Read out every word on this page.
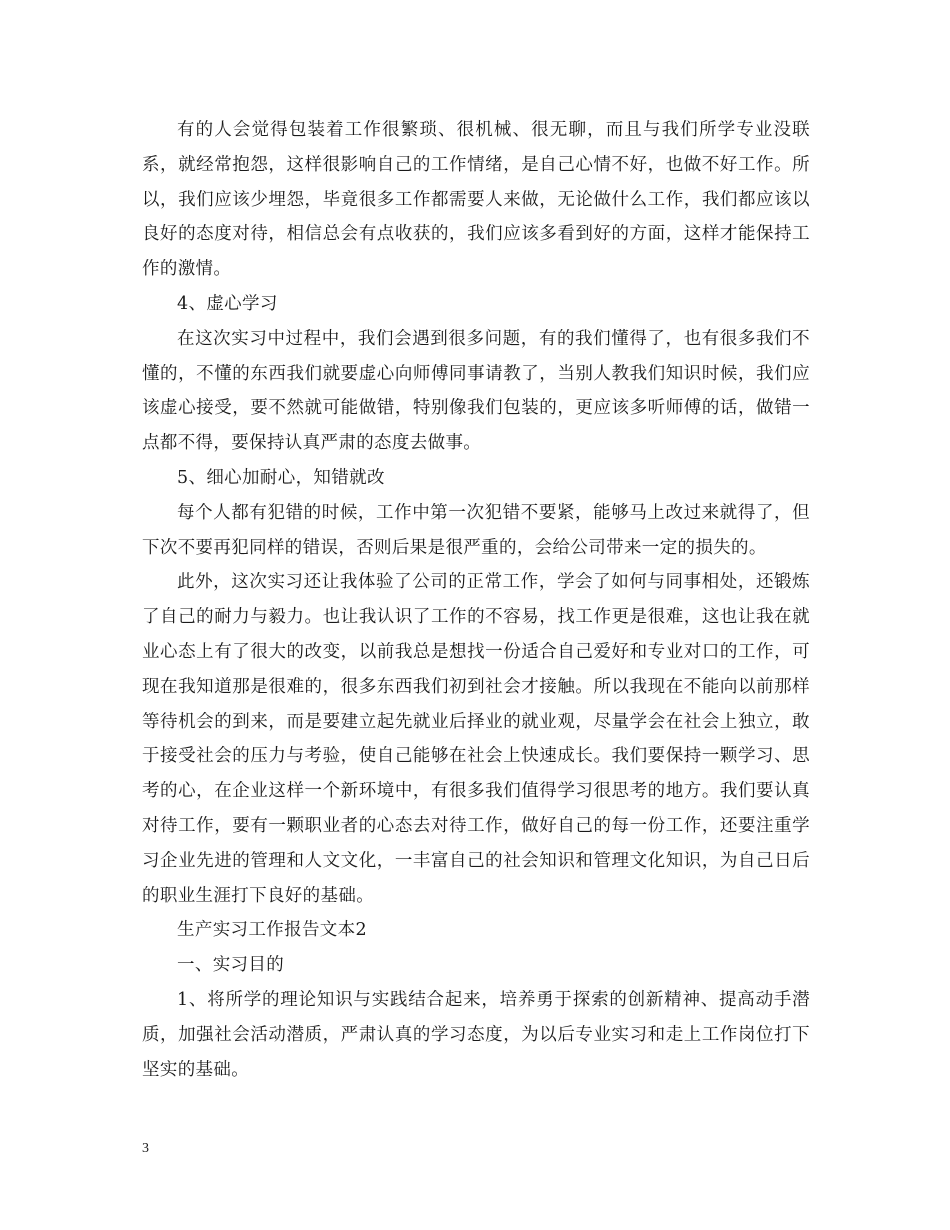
有的人会觉得包装着工作很繁琐、很机械、很无聊，而且与我们所学专业没联系，就经常抱怨，这样很影响自己的工作情绪，是自己心情不好，也做不好工作。所以，我们应该少埋怨，毕竟很多工作都需要人来做，无论做什么工作，我们都应该以良好的态度对待，相信总会有点收获的，我们应该多看到好的方面，这样才能保持工作的激情。

4、虚心学习

在这次实习中过程中，我们会遇到很多问题，有的我们懂得了，也有很多我们不懂的，不懂的东西我们就要虚心向师傅同事请教了，当别人教我们知识时候，我们应该虚心接受，要不然就可能做错，特别像我们包装的，更应该多听师傅的话，做错一点都不得，要保持认真严肃的态度去做事。

5、细心加耐心，知错就改

每个人都有犯错的时候，工作中第一次犯错不要紧，能够马上改过来就得了，但下次不要再犯同样的错误，否则后果是很严重的，会给公司带来一定的损失的。

此外，这次实习还让我体验了公司的正常工作，学会了如何与同事相处，还锻炼了自己的耐力与毅力。也让我认识了工作的不容易，找工作更是很难，这也让我在就业心态上有了很大的改变，以前我总是想找一份适合自己爱好和专业对口的工作，可现在我知道那是很难的，很多东西我们初到社会才接触。所以我现在不能向以前那样等待机会的到来，而是要建立起先就业后择业的就业观，尽量学会在社会上独立，敢于接受社会的压力与考验，使自己能够在社会上快速成长。我们要保持一颗学习、思考的心，在企业这样一个新环境中，有很多我们值得学习很思考的地方。我们要认真对待工作，要有一颗职业者的心态去对待工作，做好自己的每一份工作，还要注重学习企业先进的管理和人文文化，一丰富自己的社会知识和管理文化知识，为自己日后的职业生涯打下良好的基础。

生产实习工作报告文本2

一、实习目的

1、将所学的理论知识与实践结合起来，培养勇于探索的创新精神、提高动手潜质，加强社会活动潜质，严肃认真的学习态度，为以后专业实习和走上工作岗位打下坚实的基础。

3
